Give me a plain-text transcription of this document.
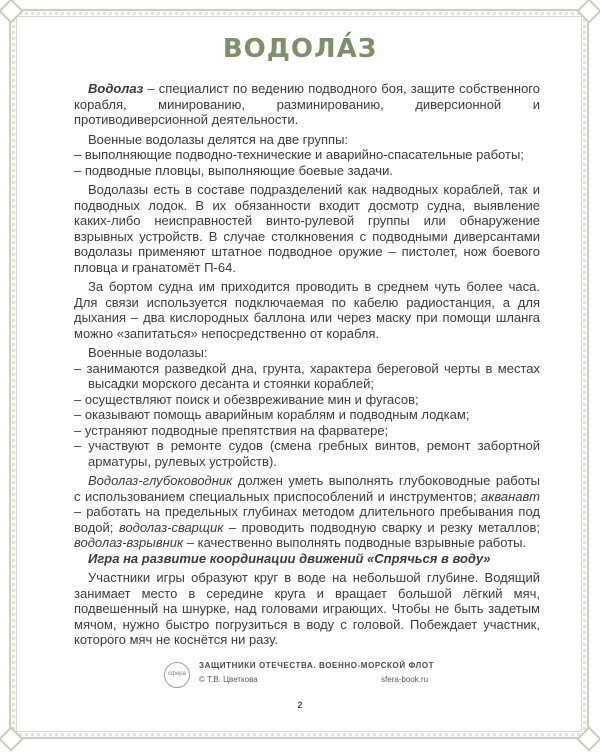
ВОДОЛА́З

Водолаз – специалист по ведению подводного боя, защите собственного корабля, минированию, разминированию, диверсионной и противодиверсионной деятельности.

Военные водолазы делятся на две группы:

– выполняющие подводно-технические и аварийно-спасательные работы;

– подводные пловцы, выполняющие боевые задачи.

Водолазы есть в составе подразделений как надводных кораблей, так и подводных лодок. В их обязанности входит досмотр судна, выявление каких-либо неисправностей винто-рулевой группы или обнаружение взрывных устройств. В случае столкновения с подводными диверсантами водолазы применяют штатное подводное оружие – пистолет, нож боевого пловца и гранатомёт П-64.

За бортом судна им приходится проводить в среднем чуть более часа. Для связи используется подключаемая по кабелю радиостанция, а для дыхания – два кислородных баллона или через маску при помощи шланга можно «запитаться» непосредственно от корабля.

Военные водолазы:

– занимаются разведкой дна, грунта, характера береговой черты в местах высадки морского десанта и стоянки кораблей;

– осуществляют поиск и обезвреживание мин и фугасов;

– оказывают помощь аварийным кораблям и подводным лодкам;

– устраняют подводные препятствия на фарватере;

– участвуют в ремонте судов (смена гребных винтов, ремонт забортной арматуры, рулевых устройств).

Водолаз-глубоководник должен уметь выполнять глубоководные работы с использованием специальных приспособлений и инструментов; акванавт – работать на предельных глубинах методом длительного пребывания под водой; водолаз-сварщик – проводить подводную сварку и резку металлов; водолаз-взрывник – качественно выполнять подводные взрывные работы.

Игра на развитие координации движений «Спрячься в воду»

Участники игры образуют круг в воде на небольшой глубине. Водящий занимает место в середине круга и вращает большой лёгкий мяч, подвешенный на шнурке, над головами играющих. Чтобы не быть задетым мячом, нужно быстро погрузиться в воду с головой. Побеждает участник, которого мяч не коснётся ни разу.

сфера
ЗАЩИТНИКИ ОТЕЧЕСТВА. ВОЕННО-МОРСКОЙ ФЛОТ
© Т.В. Цветкова	sfera-book.ru
2
